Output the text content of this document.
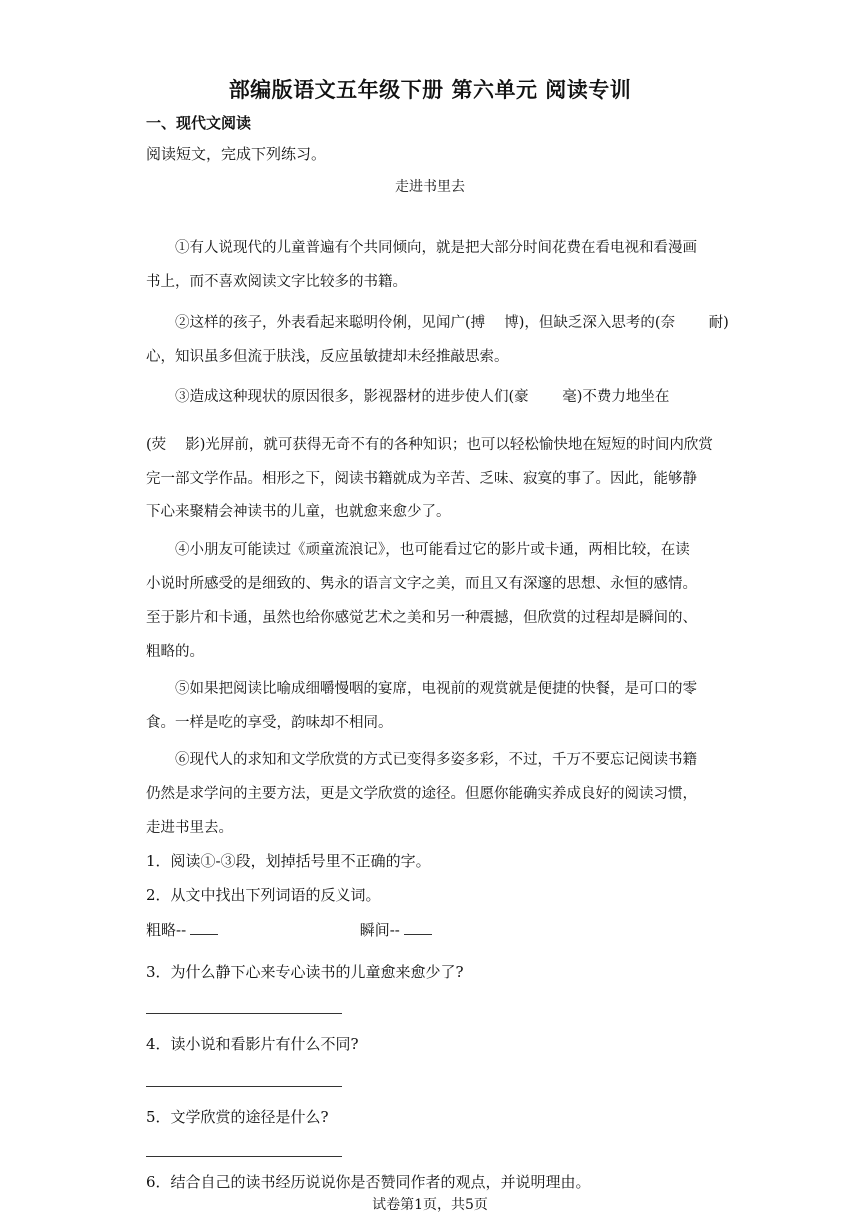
部编版语文五年级下册 第六单元 阅读专训
一、现代文阅读
阅读短文，完成下列练习。
走进书里去
①有人说现代的儿童普遍有个共同倾向，就是把大部分时间花费在看电视和看漫画
书上，而不喜欢阅读文字比较多的书籍。
②这样的孩子，外表看起来聪明伶俐，见闻广(搏　 博)，但缺乏深入思考的(奈　　 耐)
心，知识虽多但流于肤浅，反应虽敏捷却未经推敲思索。
③造成这种现状的原因很多，影视器材的进步使人们(豪　　 毫)不费力地坐在
(荧　 影)光屏前，就可获得无奇不有的各种知识；也可以轻松愉快地在短短的时间内欣赏
完一部文学作品。相形之下，阅读书籍就成为辛苦、乏味、寂寞的事了。因此，能够静
下心来聚精会神读书的儿童，也就愈来愈少了。
④小朋友可能读过《顽童流浪记》，也可能看过它的影片或卡通，两相比较，在读
小说时所感受的是细致的、隽永的语言文字之美，而且又有深邃的思想、永恒的感情。
至于影片和卡通，虽然也给你感觉艺术之美和另一种震撼，但欣赏的过程却是瞬间的、
粗略的。
⑤如果把阅读比喻成细嚼慢咽的宴席，电视前的观赏就是便捷的快餐，是可口的零
食。一样是吃的享受，韵味却不相同。
⑥现代人的求知和文学欣赏的方式已变得多姿多彩，不过，千万不要忘记阅读书籍
仍然是求学问的主要方法，更是文学欣赏的途径。但愿你能确实养成良好的阅读习惯，
走进书里去。
1．阅读①-③段，划掉括号里不正确的字。
2．从文中找出下列词语的反义词。
粗略--	瞬间--
3．为什么静下心来专心读书的儿童愈来愈少了?
4．读小说和看影片有什么不同?
5．文学欣赏的途径是什么?
6．结合自己的读书经历说说你是否赞同作者的观点，并说明理由。
试卷第1页，共5页
